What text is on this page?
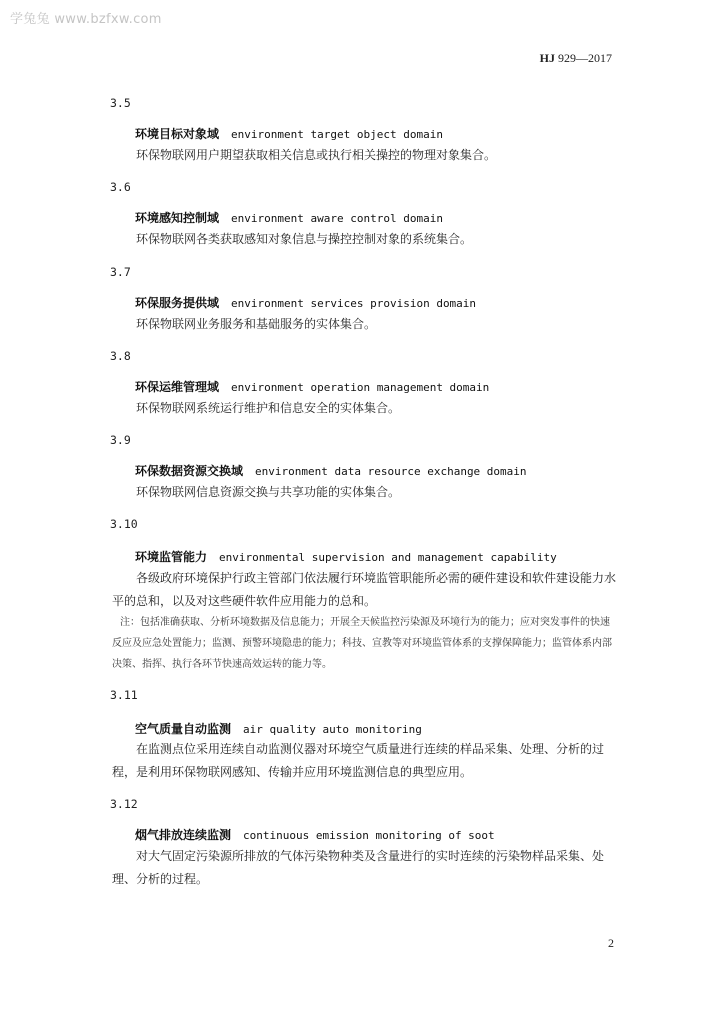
学兔兔 www.bzfxw.com
HJ 929—2017
3.5
环境目标对象域 environment target object domain
环保物联网用户期望获取相关信息或执行相关操控的物理对象集合。
3.6
环境感知控制域 environment aware control domain
环保物联网各类获取感知对象信息与操控控制对象的系统集合。
3.7
环保服务提供域 environment services provision domain
环保物联网业务服务和基础服务的实体集合。
3.8
环保运维管理域 environment operation management domain
环保物联网系统运行维护和信息安全的实体集合。
3.9
环保数据资源交换域 environment data resource exchange domain
环保物联网信息资源交换与共享功能的实体集合。
3.10
环境监管能力 environmental supervision and management capability
各级政府环境保护行政主管部门依法履行环境监管职能所必需的硬件建设和软件建设能力水平的总和，以及对这些硬件软件应用能力的总和。
注：包括准确获取、分析环境数据及信息能力；开展全天候监控污染源及环境行为的能力；应对突发事件的快速反应及应急处置能力；监测、预警环境隐患的能力；科技、宣教等对环境监管体系的支撑保障能力；监管体系内部决策、指挥、执行各环节快速高效运转的能力等。
3.11
空气质量自动监测 air quality auto monitoring
在监测点位采用连续自动监测仪器对环境空气质量进行连续的样品采集、处理、分析的过程，是利用环保物联网感知、传输并应用环境监测信息的典型应用。
3.12
烟气排放连续监测 continuous emission monitoring of soot
对大气固定污染源所排放的气体污染物种类及含量进行的实时连续的污染物样品采集、处理、分析的过程。
2
